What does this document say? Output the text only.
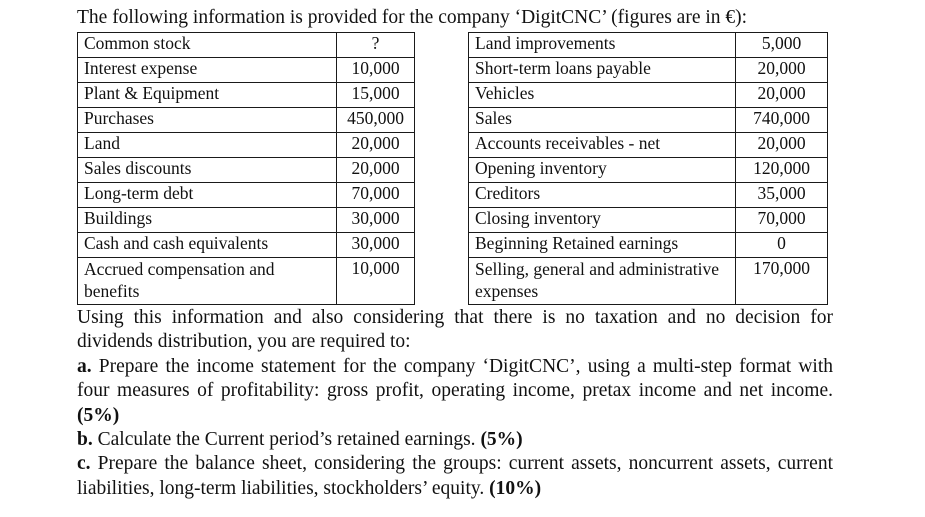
The following information is provided for the company ‘DigitCNC’ (figures are in €):
Common stock	?		Land improvements	5,000
Interest expense	10,000		Short-term loans payable	20,000
Plant & Equipment	15,000		Vehicles	20,000
Purchases	450,000		Sales	740,000
Land	20,000		Accounts receivables - net	20,000
Sales discounts	20,000		Opening inventory	120,000
Long-term debt	70,000		Creditors	35,000
Buildings	30,000		Closing inventory	70,000
Cash and cash equivalents	30,000		Beginning Retained earnings	0

Accrued compensation and benefits	10,000		Selling, general and administrative expenses	170,000

Using this information and also considering that there is no taxation and no decision for dividends distribution, you are required to:

a. Prepare the income statement for the company ‘DigitCNC’, using a multi-step format with four measures of profitability: gross profit, operating income, pretax income and net income. (5%)

b. Calculate the Current period’s retained earnings. (5%)

c. Prepare the balance sheet, considering the groups: current assets, noncurrent assets, current liabilities, long-term liabilities, stockholders’ equity. (10%)
